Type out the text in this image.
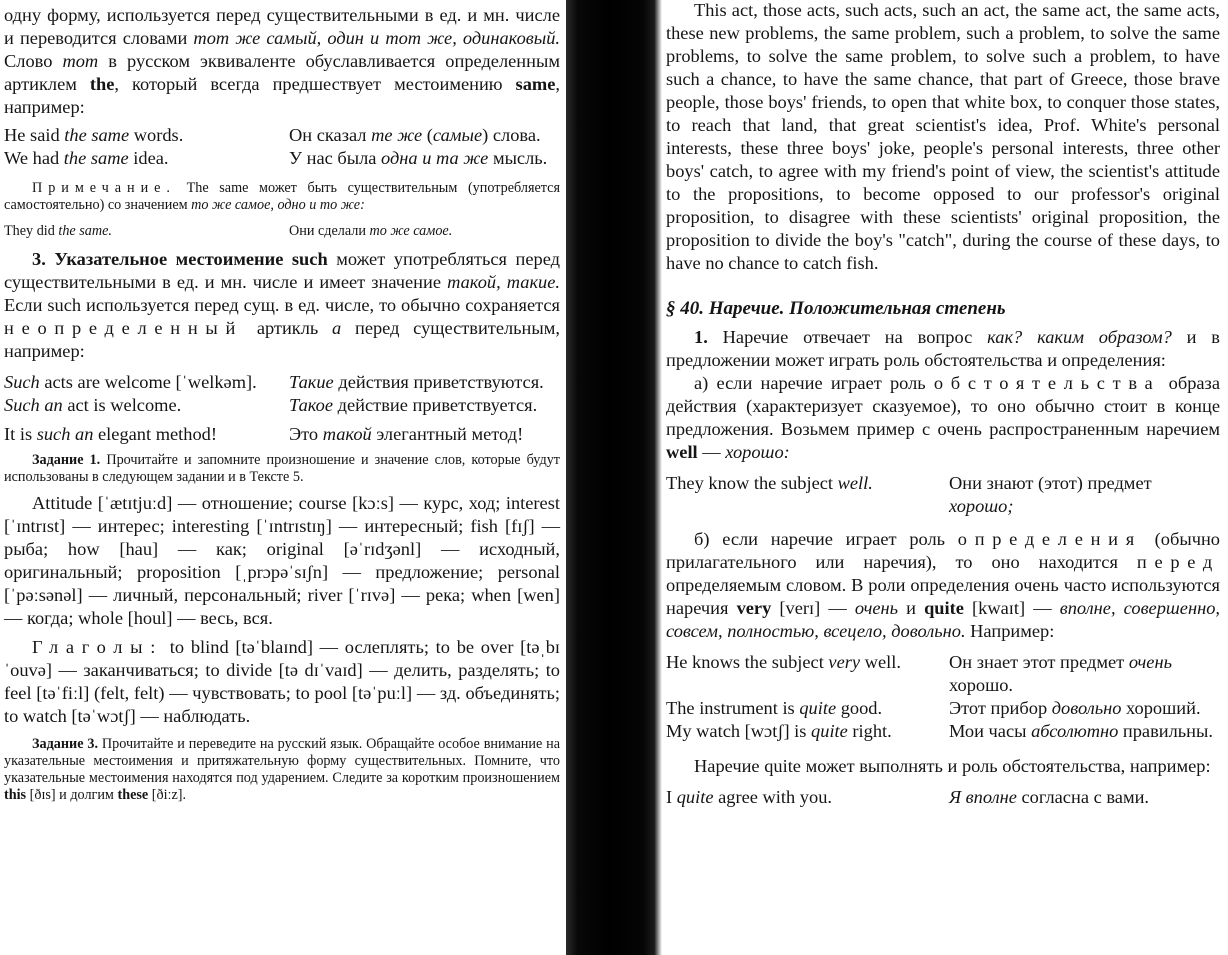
одну форму, используется перед существительными в ед. и мн. числе и переводится словами тот же самый, один и тот же, одинаковый. Слово тот в русском эквиваленте обуславливается определенным артиклем the, который всегда предшествует местоимению same, например:

He said the same words.	Он сказал те же (самые) слова.
We had the same idea.	У нас была одна и та же мысль.

Примечание. The same может быть существительным (употребляется самостоятельно) со значением то же самое, одно и то же:

They did the same.	Они сделали то же самое.

3. Указательное местоимение such может употребляться перед существительными в ед. и мн. числе и имеет значение такой, такие. Если such используется перед сущ. в ед. числе, то обычно сохраняется неопределенный артикль a перед существительным, например:

Such acts are welcome [ˈwelkəm].	Такие действия приветствуются.
Such an act is welcome.	Такое действие приветствуется.
It is such an elegant method!	Это такой элегантный метод!

Задание 1. Прочитайте и запомните произношение и значение слов, которые будут использованы в следующем задании и в Тексте 5.

Attitude [ˈætɪtjuːd] — отношение; course [kɔːs] — курс, ход; interest [ˈɪntrɪst] — интерес; interesting [ˈɪntrɪstɪŋ] — интересный; fish [fɪʃ] — рыба; how [hau] — как; original [əˈrɪdʒənl] — исходный, оригинальный; proposition [ˌprɔpəˈsɪʃn] — предложение; personal [ˈpəːsənəl] — личный, персональный; river [ˈrɪvə] — река; when [wen] — когда; whole [houl] — весь, вся.

Глаголы: to blind [təˈblaɪnd] — ослеплять; to be over [təˌbɪˈouvə] — заканчиваться; to divide [tə dɪˈvaɪd] — делить, разделять; to feel [təˈfiːl] (felt, felt) — чувствовать; to pool [təˈpuːl] — зд. объединять; to watch [təˈwɔtʃ] — наблюдать.

Задание 3. Прочитайте и переведите на русский язык. Обращайте особое внимание на указательные местоимения и притяжательную форму существительных. Помните, что указательные местоимения находятся под ударением. Следите за коротким произношением this [ðɪs] и долгим these [ðiːz].

This act, those acts, such acts, such an act, the same act, the same acts, these new problems, the same problem, such a problem, to solve the same problems, to solve the same problem, to solve such a problem, to have such a chance, to have the same chance, that part of Greece, those brave people, those boys' friends, to open that white box, to conquer those states, to reach that land, that great scientist's idea, Prof. White's personal interests, these three boys' joke, people's personal interests, three other boys' catch, to agree with my friend's point of view, the scientist's attitude to the propositions, to become opposed to our professor's original proposition, to disagree with these scientists' original proposition, the proposition to divide the boy's "catch", during the course of these days, to have no chance to catch fish.

§ 40. Наречие. Положительная степень

1. Наречие отвечает на вопрос как? каким образом? и в предложении может играть роль обстоятельства и определения:

а) если наречие играет роль обстоятельства образа действия (характеризует сказуемое), то оно обычно стоит в конце предложения. Возьмем пример с очень распространенным наречием well — хорошо:

They know the subject well.	Они знают (этот) предмет хорошо;

б) если наречие играет роль определения (обычно прилагательного или наречия), то оно находится перед определяемым словом. В роли определения очень часто используются наречия very [verɪ] — очень и quite [kwaɪt] — вполне, совершенно, совсем, полностью, всецело, довольно. Например:

He knows the subject very well.	Он знает этот предмет очень хорошо.
The instrument is quite good.	Этот прибор довольно хороший.
My watch [wɔtʃ] is quite right.	Мои часы абсолютно правильны.

Наречие quite может выполнять и роль обстоятельства, например:

I quite agree with you.	Я вполне согласна с вами.
